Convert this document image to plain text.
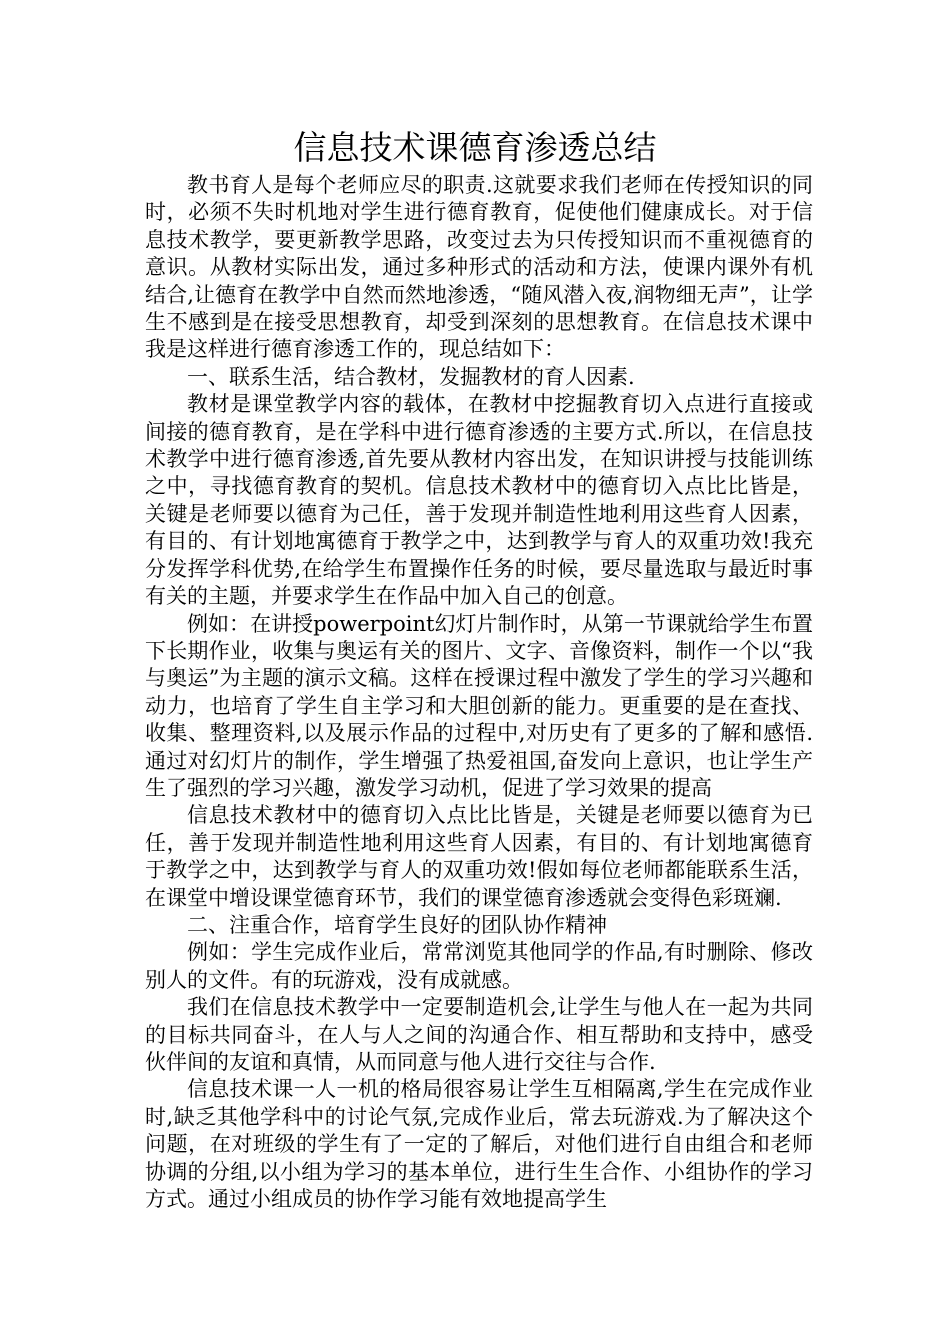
信息技术课德育渗透总结

教书育人是每个老师应尽的职责.这就要求我们老师在传授知识的同时，必须不失时机地对学生进行德育教育，促使他们健康成长。对于信息技术教学，要更新教学思路，改变过去为只传授知识而不重视德育的意识。从教材实际出发，通过多种形式的活动和方法，使课内课外有机结合,让德育在教学中自然而然地渗透，“随风潜入夜,润物细无声”，让学生不感到是在接受思想教育，却受到深刻的思想教育。在信息技术课中我是这样进行德育渗透工作的，现总结如下：

一、联系生活，结合教材，发掘教材的育人因素.

教材是课堂教学内容的载体，在教材中挖掘教育切入点进行直接或间接的德育教育，是在学科中进行德育渗透的主要方式.所以，在信息技术教学中进行德育渗透,首先要从教材内容出发，在知识讲授与技能训练之中，寻找德育教育的契机。信息技术教材中的德育切入点比比皆是，关键是老师要以德育为己任，善于发现并制造性地利用这些育人因素，有目的、有计划地寓德育于教学之中，达到教学与育人的双重功效!我充分发挥学科优势,在给学生布置操作任务的时候，要尽量选取与最近时事有关的主题，并要求学生在作品中加入自己的创意。

例如：在讲授powerpoint幻灯片制作时，从第一节课就给学生布置下长期作业，收集与奥运有关的图片、文字、音像资料，制作一个以“我与奥运”为主题的演示文稿。这样在授课过程中激发了学生的学习兴趣和动力，也培育了学生自主学习和大胆创新的能力。更重要的是在查找、收集、整理资料,以及展示作品的过程中,对历史有了更多的了解和感悟.通过对幻灯片的制作，学生增强了热爱祖国,奋发向上意识，也让学生产生了强烈的学习兴趣，激发学习动机，促进了学习效果的提高

信息技术教材中的德育切入点比比皆是，关键是老师要以德育为已任，善于发现并制造性地利用这些育人因素，有目的、有计划地寓德育于教学之中，达到教学与育人的双重功效!假如每位老师都能联系生活，在课堂中增设课堂德育环节，我们的课堂德育渗透就会变得色彩斑斓.

二、注重合作，培育学生良好的团队协作精神

例如：学生完成作业后，常常浏览其他同学的作品,有时删除、修改别人的文件。有的玩游戏，没有成就感。

我们在信息技术教学中一定要制造机会,让学生与他人在一起为共同的目标共同奋斗，在人与人之间的沟通合作、相互帮助和支持中，感受伙伴间的友谊和真情，从而同意与他人进行交往与合作.

信息技术课一人一机的格局很容易让学生互相隔离,学生在完成作业时,缺乏其他学科中的讨论气氛,完成作业后，常去玩游戏.为了解决这个问题，在对班级的学生有了一定的了解后，对他们进行自由组合和老师协调的分组,以小组为学习的基本单位，进行生生合作、小组协作的学习方式。通过小组成员的协作学习能有效地提高学生
